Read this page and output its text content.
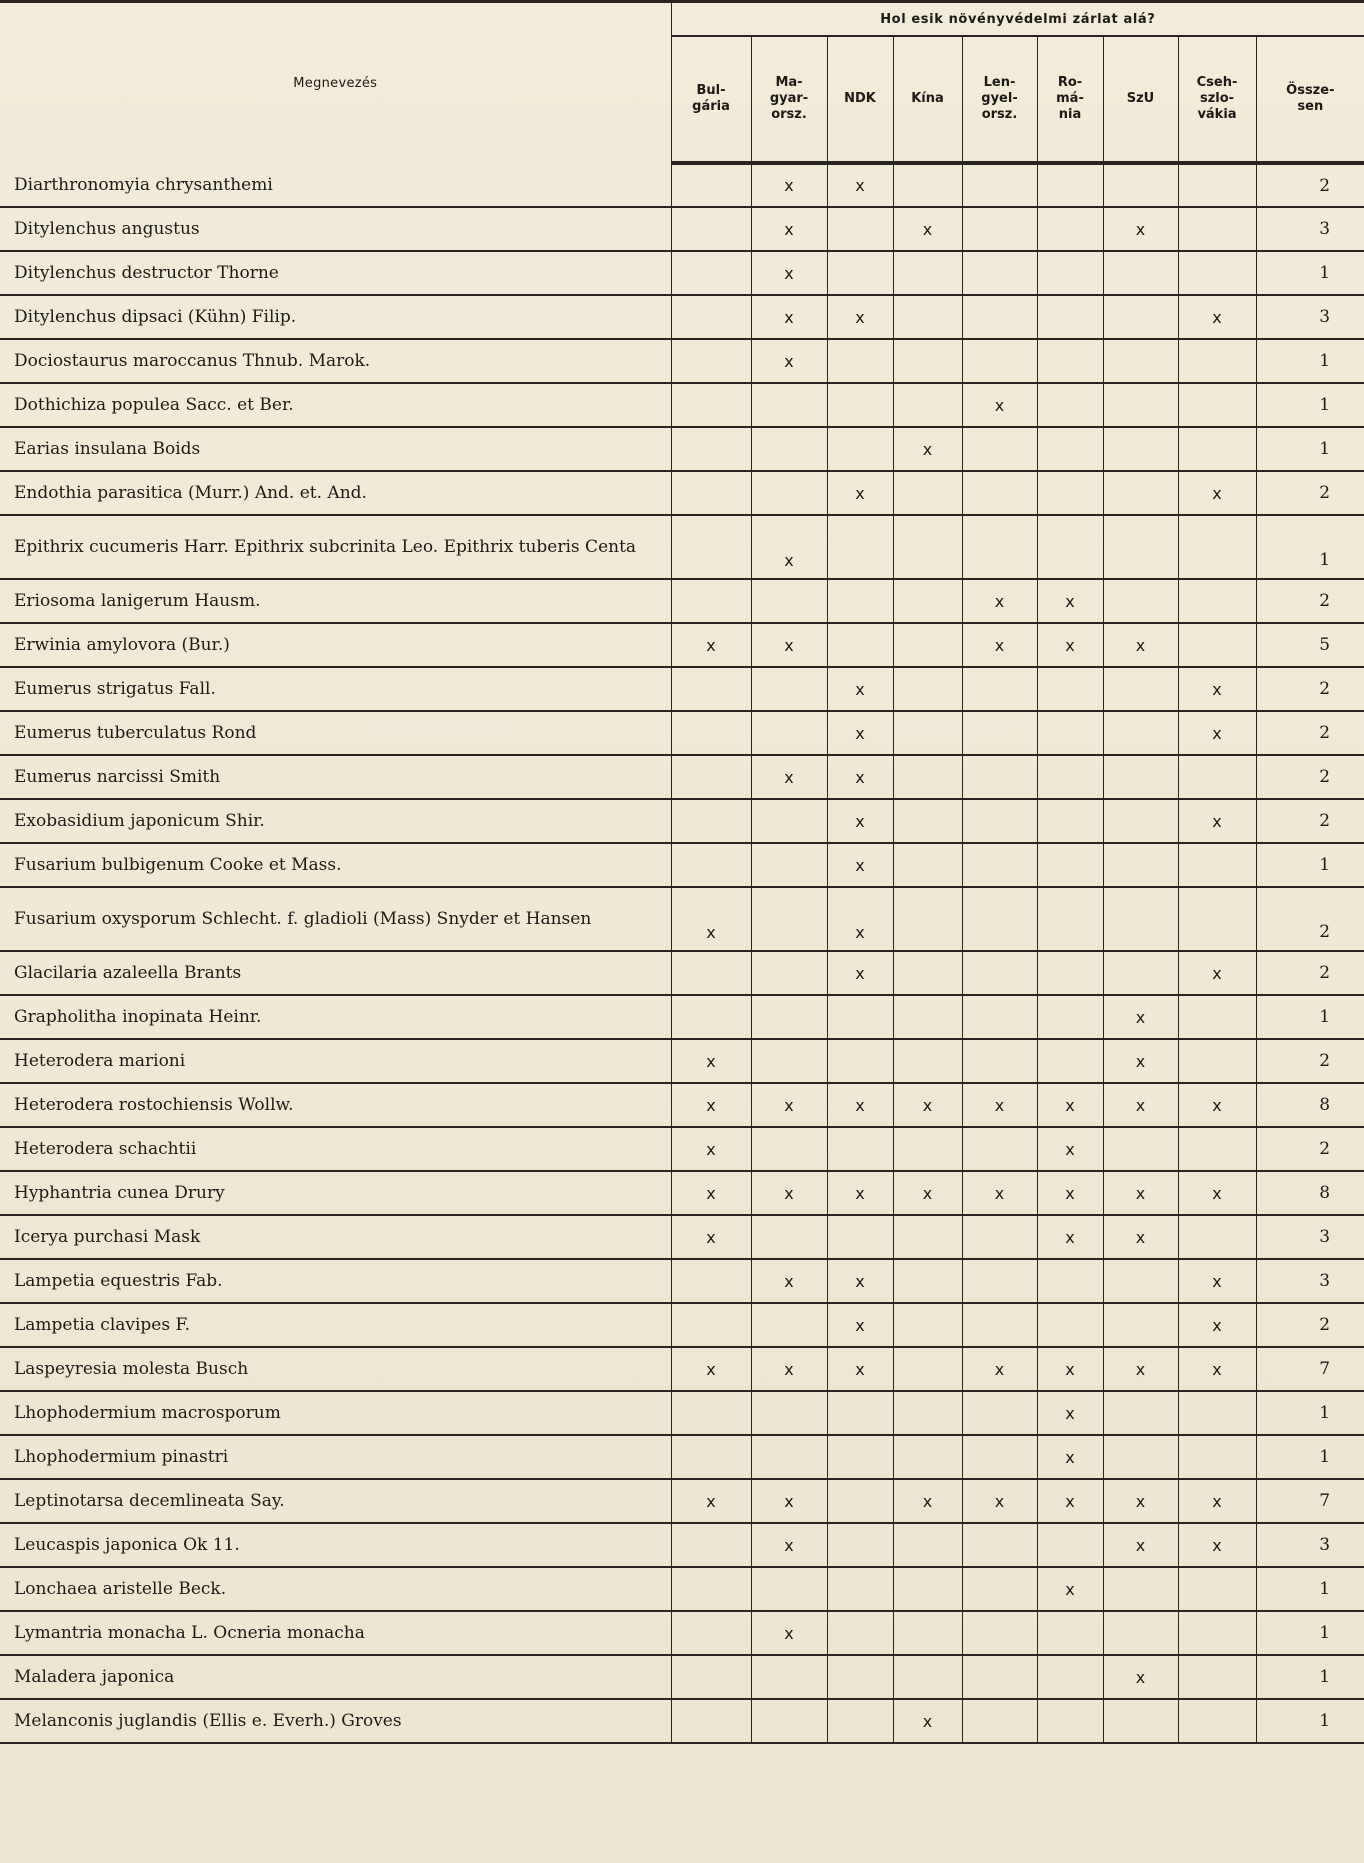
Megnevezés	Hol esik növényvédelmi zárlat alá?								
	Bul-
gária	Ma-
gyar-
orsz.	NDK	Kína	Len-
gyel-
orsz.	Ro-
má-
nia	SzU	Cseh-
szlo-
vákia	Össze-
sen
Diarthronomyia chrysanthemi		x	x						2
Ditylenchus angustus		x		x			x		3
Ditylenchus destructor Thorne		x							1
Ditylenchus dipsaci (Kühn) Filip.		x	x					x	3
Dociostaurus maroccanus Thnub. Marok.		x							1
Dothichiza populea Sacc. et Ber.					x				1
Earias insulana Boids				x					1
Endothia parasitica (Murr.) And. et. And.			x					x	2
Epithrix cucumeris Harr. Epithrix subcrinita Leo. Epithrix tuberis Centa		x							1
Eriosoma lanigerum Hausm.					x	x			2
Erwinia amylovora (Bur.)	x	x			x	x	x		5
Eumerus strigatus Fall.			x					x	2
Eumerus tuberculatus Rond			x					x	2
Eumerus narcissi Smith		x	x						2
Exobasidium japonicum Shir.			x					x	2
Fusarium bulbigenum Cooke et Mass.			x						1
Fusarium oxysporum Schlecht. f. gladioli (Mass) Snyder et Hansen	x		x						2
Glacilaria azaleella Brants			x					x	2
Grapholitha inopinata Heinr.							x		1
Heterodera marioni	x						x		2
Heterodera rostochiensis Wollw.	x	x	x	x	x	x	x	x	8
Heterodera schachtii	x					x			2
Hyphantria cunea Drury	x	x	x	x	x	x	x	x	8
Icerya purchasi Mask	x					x	x		3
Lampetia equestris Fab.		x	x					x	3
Lampetia clavipes F.			x					x	2
Laspeyresia molesta Busch	x	x	x		x	x	x	x	7
Lhophodermium macrosporum						x			1
Lhophodermium pinastri						x			1
Leptinotarsa decemlineata Say.	x	x		x	x	x	x	x	7
Leucaspis japonica Ok 11.		x					x	x	3
Lonchaea aristelle Beck.						x			1
Lymantria monacha L. Ocneria monacha		x							1
Maladera japonica							x		1
Melanconis juglandis (Ellis e. Everh.) Groves				x					1
